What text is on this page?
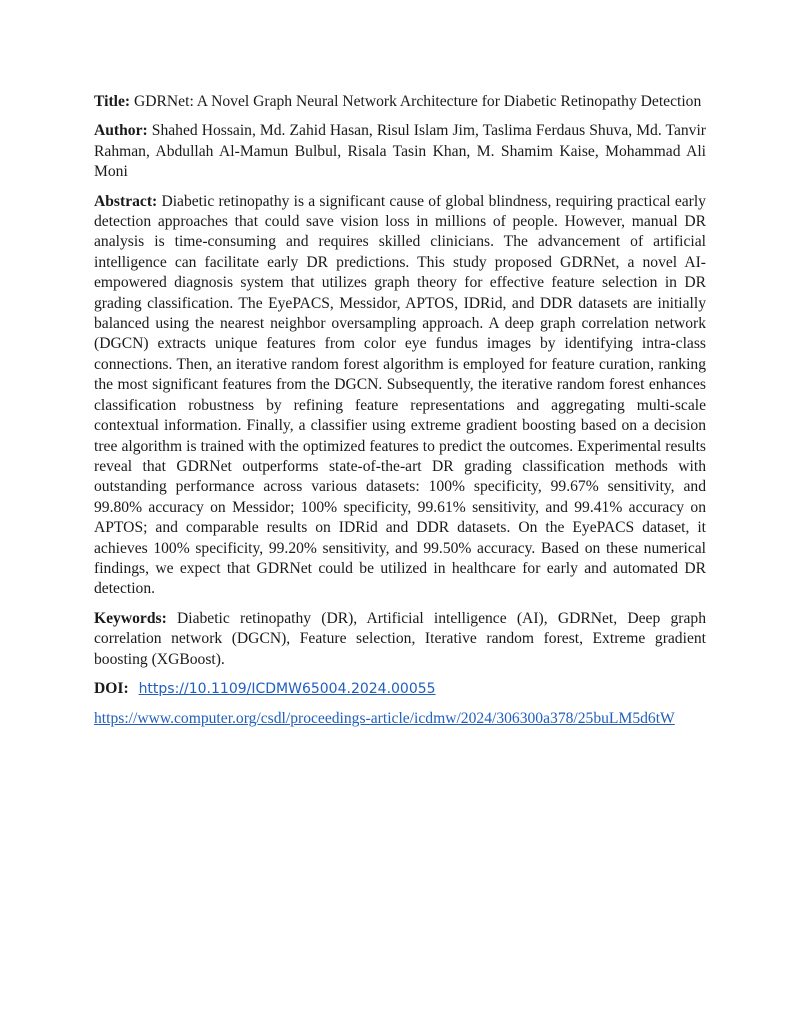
Title: GDRNet: A Novel Graph Neural Network Architecture for Diabetic Retinopathy Detection

Author: Shahed Hossain, Md. Zahid Hasan, Risul Islam Jim, Taslima Ferdaus Shuva, Md. Tanvir Rahman, Abdullah Al-Mamun Bulbul, Risala Tasin Khan, M. Shamim Kaise, Mohammad Ali Moni

Abstract: Diabetic retinopathy is a significant cause of global blindness, requiring practical early detection approaches that could save vision loss in millions of people. However, manual DR analysis is time-consuming and requires skilled clinicians. The advancement of artificial intelligence can facilitate early DR predictions. This study proposed GDRNet, a novel AI-empowered diagnosis system that utilizes graph theory for effective feature selection in DR grading classification. The EyePACS, Messidor, APTOS, IDRid, and DDR datasets are initially balanced using the nearest neighbor oversampling approach. A deep graph correlation network (DGCN) extracts unique features from color eye fundus images by identifying intra-class connections. Then, an iterative random forest algorithm is employed for feature curation, ranking the most significant features from the DGCN. Subsequently, the iterative random forest enhances classification robustness by refining feature representations and aggregating multi-scale contextual information. Finally, a classifier using extreme gradient boosting based on a decision tree algorithm is trained with the optimized features to predict the outcomes. Experimental results reveal that GDRNet outperforms state-of-the-art DR grading classification methods with outstanding performance across various datasets: 100% specificity, 99.67% sensitivity, and 99.80% accuracy on Messidor; 100% specificity, 99.61% sensitivity, and 99.41% accuracy on APTOS; and comparable results on IDRid and DDR datasets. On the EyePACS dataset, it achieves 100% specificity, 99.20% sensitivity, and 99.50% accuracy. Based on these numerical findings, we expect that GDRNet could be utilized in healthcare for early and automated DR detection.

Keywords: Diabetic retinopathy (DR), Artificial intelligence (AI), GDRNet, Deep graph correlation network (DGCN), Feature selection, Iterative random forest, Extreme gradient boosting (XGBoost).

DOI: https://10.1109/ICDMW65004.2024.00055

https://www.computer.org/csdl/proceedings-article/icdmw/2024/306300a378/25buLM5d6tW
